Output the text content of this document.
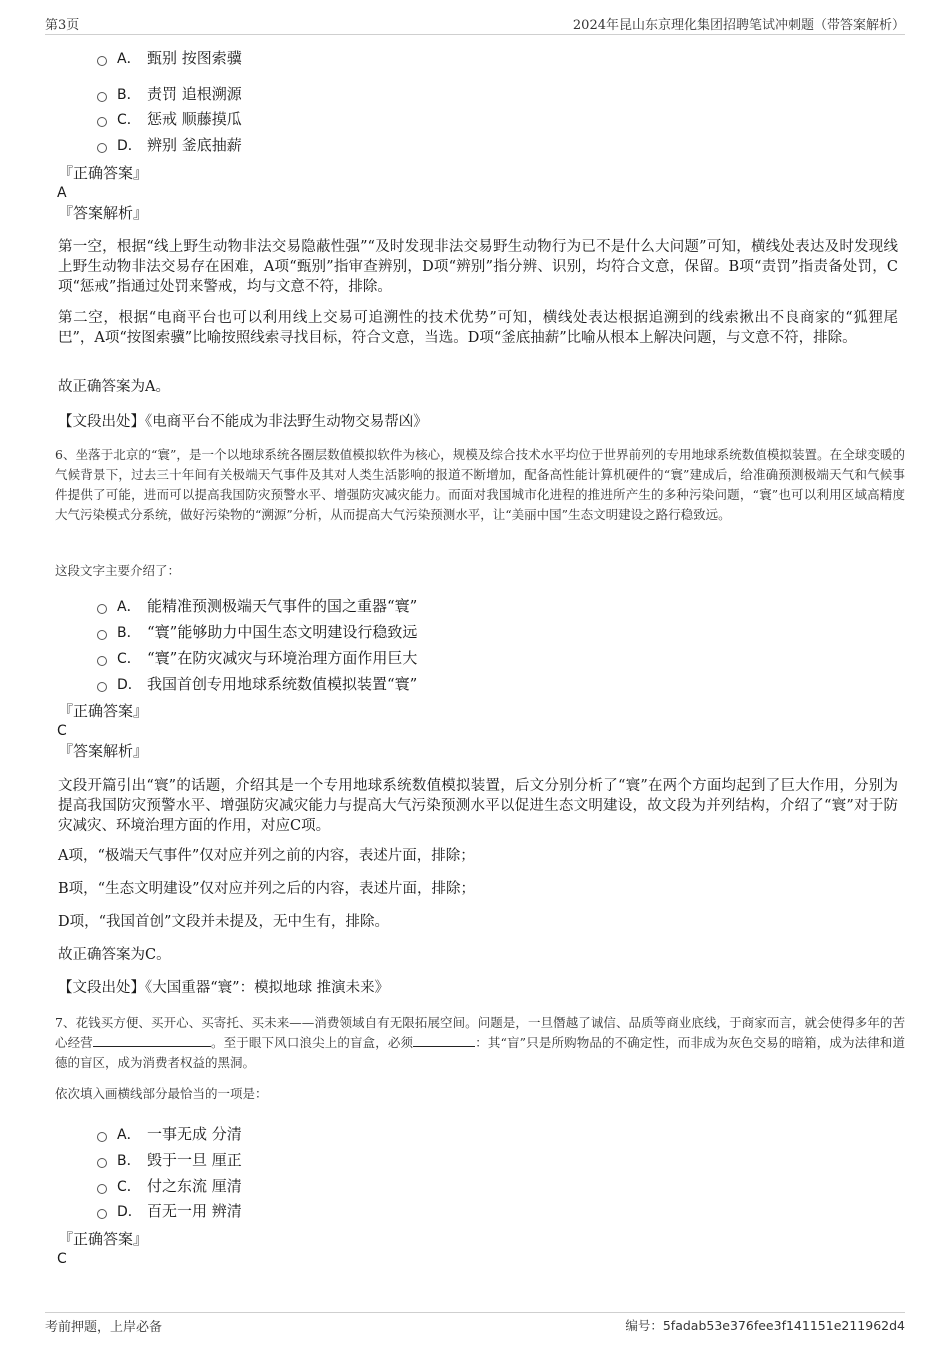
第3页	2024年昆山东京理化集团招聘笔试冲刺题（带答案解析）
A． 甄别 按图索骥
B． 责罚 追根溯源
C． 惩戒 顺藤摸瓜
D． 辨别 釜底抽薪
『正确答案』
A
『答案解析』
第一空，根据“线上野生动物非法交易隐蔽性强”“及时发现非法交易野生动物行为已不是什么大问题”可知，横线处表达及时发现线上野生动物非法交易存在困难，A项“甄别”指审查辨别，D项“辨别”指分辨、识别，均符合文意，保留。B项“责罚”指责备处罚，C项“惩戒”指通过处罚来警戒，均与文意不符，排除。
第二空，根据“电商平台也可以利用线上交易可追溯性的技术优势”可知，横线处表达根据追溯到的线索揪出不良商家的“狐狸尾巴”，A项“按图索骥”比喻按照线索寻找目标，符合文意，当选。D项“釜底抽薪”比喻从根本上解决问题，与文意不符，排除。
故正确答案为A。
【文段出处】《电商平台不能成为非法野生动物交易帮凶》
6、坐落于北京的“寰”，是一个以地球系统各圈层数值模拟软件为核心，规模及综合技术水平均位于世界前列的专用地球系统数值模拟装置。在全球变暖的气候背景下，过去三十年间有关极端天气事件及其对人类生活影响的报道不断增加，配备高性能计算机硬件的“寰”建成后，给准确预测极端天气和气候事件提供了可能，进而可以提高我国防灾预警水平、增强防灾减灾能力。而面对我国城市化进程的推进所产生的多种污染问题，“寰”也可以利用区域高精度大气污染模式分系统，做好污染物的“溯源”分析，从而提高大气污染预测水平，让“美丽中国”生态文明建设之路行稳致远。
这段文字主要介绍了：
A． 能精准预测极端天气事件的国之重器“寰”
B． “寰”能够助力中国生态文明建设行稳致远
C． “寰”在防灾减灾与环境治理方面作用巨大
D． 我国首创专用地球系统数值模拟装置“寰”
『正确答案』
C
『答案解析』
文段开篇引出“寰”的话题，介绍其是一个专用地球系统数值模拟装置，后文分别分析了“寰”在两个方面均起到了巨大作用，分别为提高我国防灾预警水平、增强防灾减灾能力与提高大气污染预测水平以促进生态文明建设，故文段为并列结构，介绍了“寰”对于防灾减灾、环境治理方面的作用，对应C项。
A项，“极端天气事件”仅对应并列之前的内容，表述片面，排除；
B项，“生态文明建设”仅对应并列之后的内容，表述片面，排除；
D项，“我国首创”文段并未提及，无中生有，排除。
故正确答案为C。
【文段出处】《大国重器“寰”：模拟地球 推演未来》
7、花钱买方便、买开心、买寄托、买未来——消费领域自有无限拓展空间。问题是，一旦僭越了诚信、品质等商业底线，于商家而言，就会使得多年的苦心经营	。至于眼下风口浪尖上的盲盒，必须	：其“盲”只是所购物品的不确定性，而非成为灰色交易的暗箱，成为法律和道德的盲区，成为消费者权益的黑洞。
依次填入画横线部分最恰当的一项是：
A． 一事无成 分清
B． 毁于一旦 厘正
C． 付之东流 厘清
D． 百无一用 辨清
『正确答案』
C
考前押题，上岸必备	编号：5fadab53e376fee3f141151e211962d4
